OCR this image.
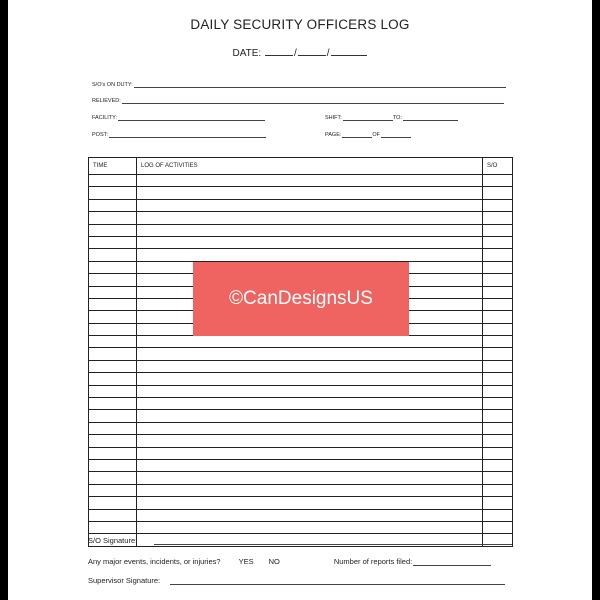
DAILY SECURITY OFFICERS LOG
DATE:	/	/
S/O's ON DUTY:
RELIEVED:
FACILITY:	SHIFT:	TO:
POST:	PAGE:	OF
TIME	LOG OF ACTIVITIES	S/O

©CanDesignsUS
S/O Signature:
Any major events, incidents, or injuries? YES NO	Number of reports filed:
Supervisor Signature:
